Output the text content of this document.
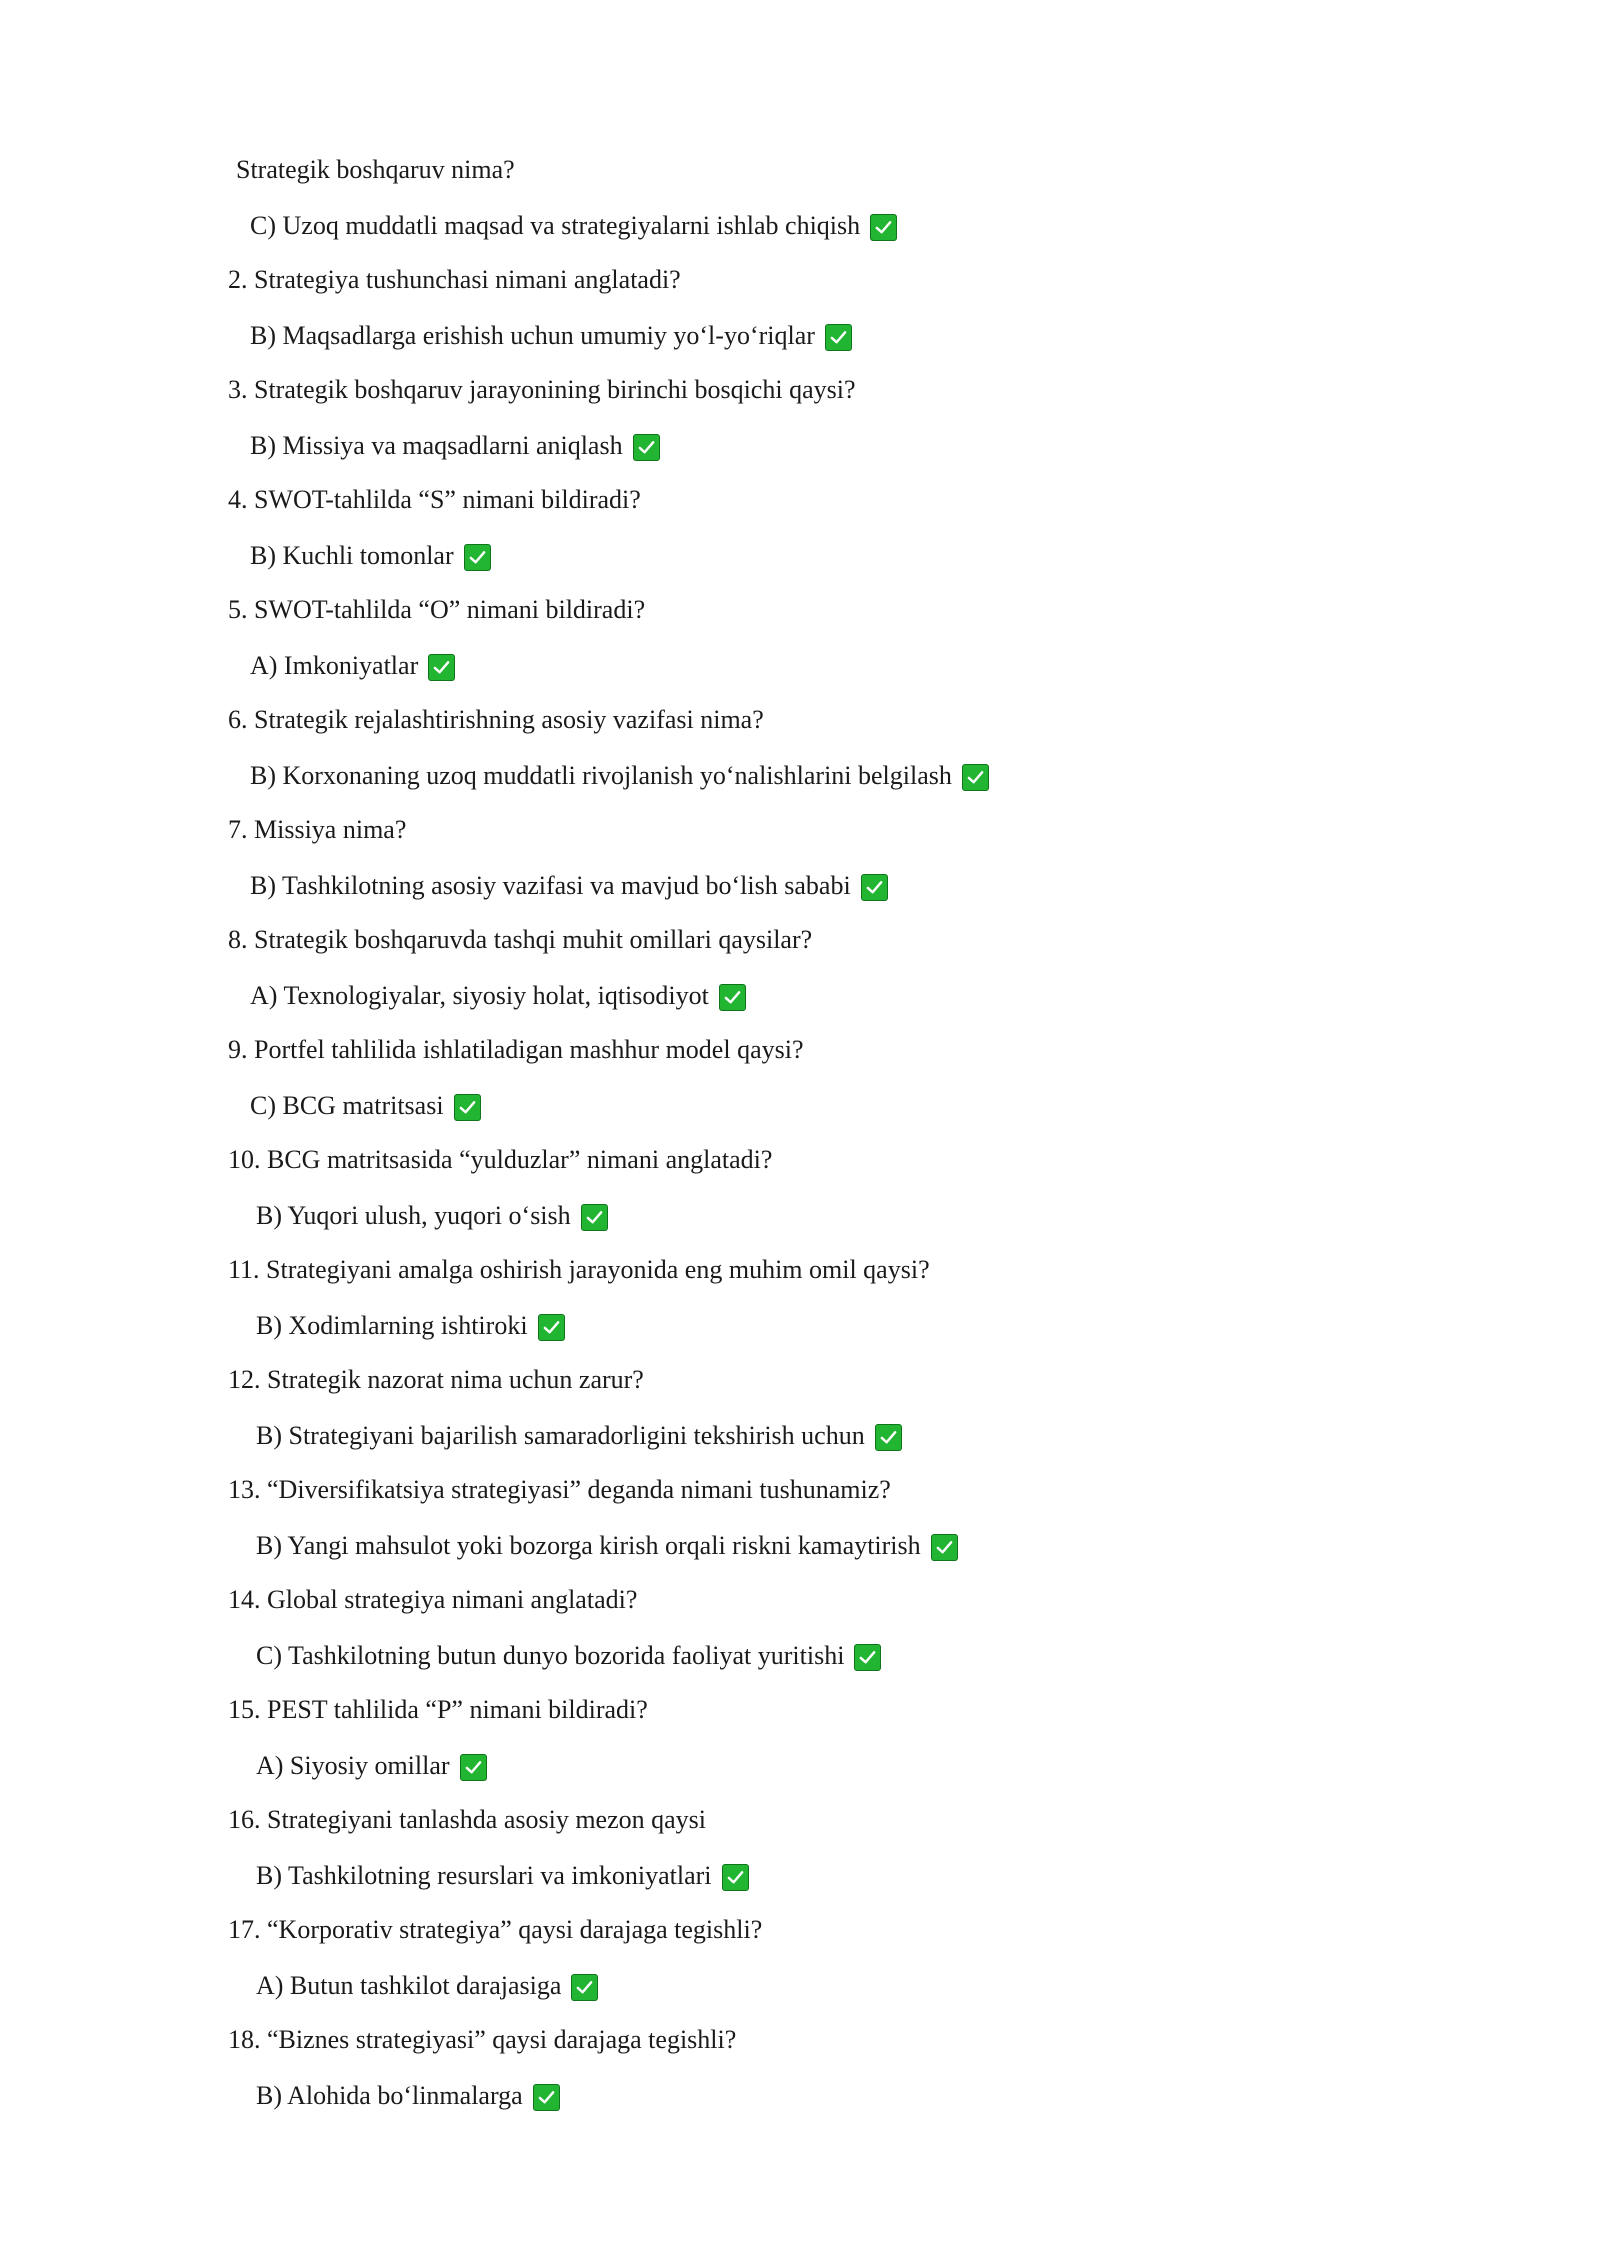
Strategik boshqaruv nima?
C) Uzoq muddatli maqsad va strategiyalarni ishlab chiqish
2. Strategiya tushunchasi nimani anglatadi?
B) Maqsadlarga erishish uchun umumiy yo‘l-yo‘riqlar
3. Strategik boshqaruv jarayonining birinchi bosqichi qaysi?
B) Missiya va maqsadlarni aniqlash
4. SWOT-tahlilda “S” nimani bildiradi?
B) Kuchli tomonlar
5. SWOT-tahlilda “O” nimani bildiradi?
A) Imkoniyatlar
6. Strategik rejalashtirishning asosiy vazifasi nima?
B) Korxonaning uzoq muddatli rivojlanish yo‘nalishlarini belgilash
7. Missiya nima?
B) Tashkilotning asosiy vazifasi va mavjud bo‘lish sababi
8. Strategik boshqaruvda tashqi muhit omillari qaysilar?
A) Texnologiyalar, siyosiy holat, iqtisodiyot
9. Portfel tahlilida ishlatiladigan mashhur model qaysi?
C) BCG matritsasi
10. BCG matritsasida “yulduzlar” nimani anglatadi?
B) Yuqori ulush, yuqori o‘sish
11. Strategiyani amalga oshirish jarayonida eng muhim omil qaysi?
B) Xodimlarning ishtiroki
12. Strategik nazorat nima uchun zarur?
B) Strategiyani bajarilish samaradorligini tekshirish uchun
13. “Diversifikatsiya strategiyasi” deganda nimani tushunamiz?
B) Yangi mahsulot yoki bozorga kirish orqali riskni kamaytirish
14. Global strategiya nimani anglatadi?
C) Tashkilotning butun dunyo bozorida faoliyat yuritishi
15. PEST tahlilida “P” nimani bildiradi?
A) Siyosiy omillar
16. Strategiyani tanlashda asosiy mezon qaysi
B) Tashkilotning resurslari va imkoniyatlari
17. “Korporativ strategiya” qaysi darajaga tegishli?
A) Butun tashkilot darajasiga
18. “Biznes strategiyasi” qaysi darajaga tegishli?
B) Alohida bo‘linmalarga
